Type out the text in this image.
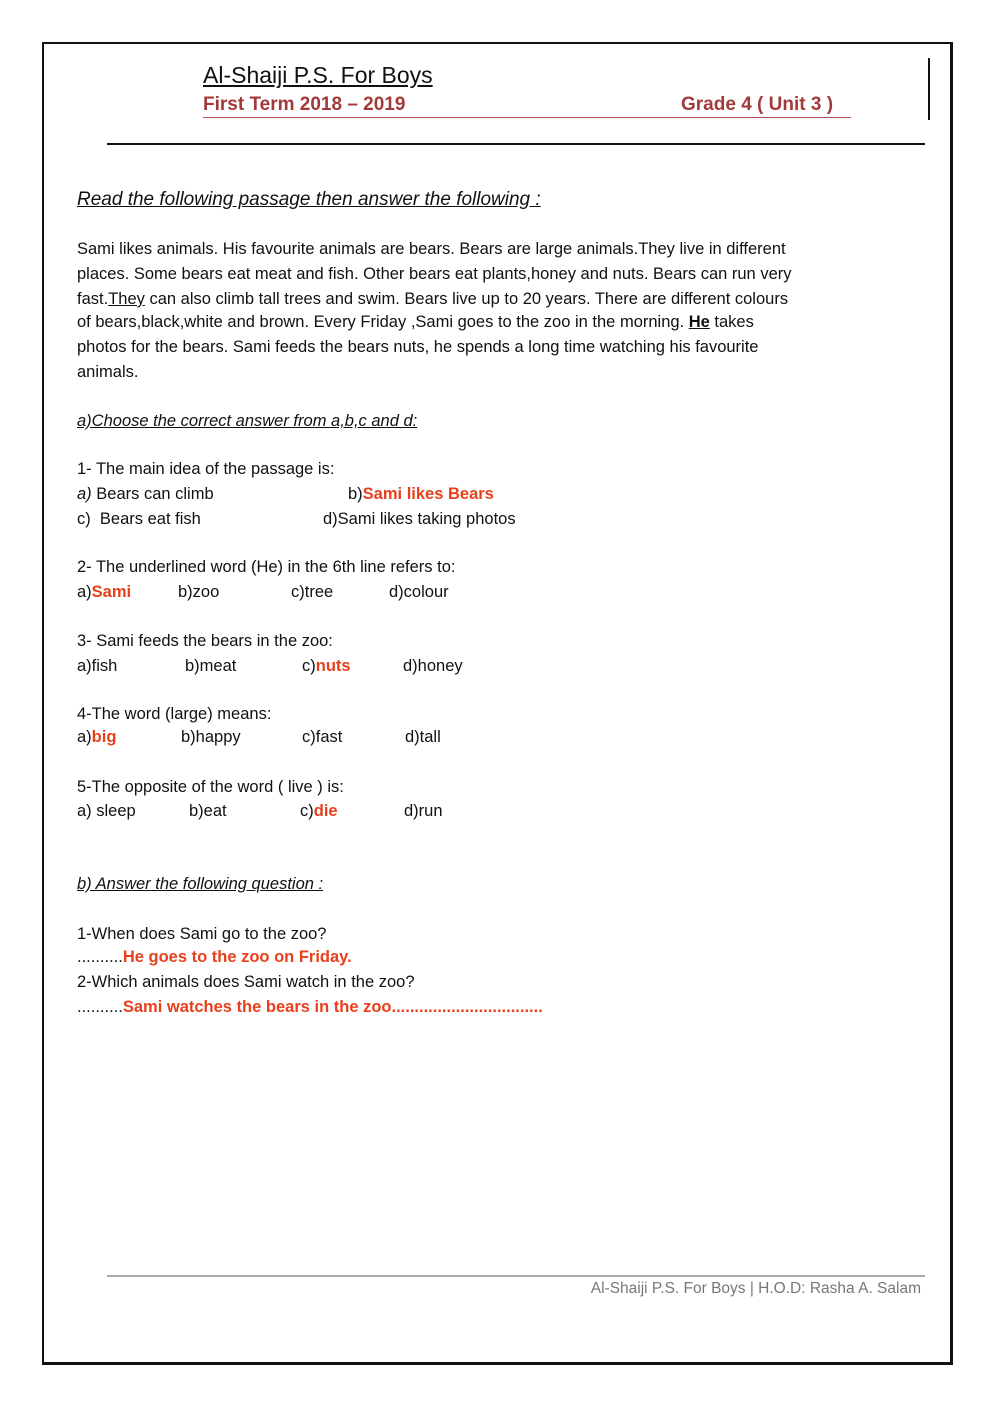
Al-Shaiji P.S. For Boys
First Term 2018 – 2019	Grade 4 ( Unit 3 )
Read the following passage then answer the following :
Sami likes animals. His favourite animals are bears. Bears are large animals.They live in different
places. Some bears eat meat and fish. Other bears eat plants,honey and nuts. Bears can run very
fast.They can also climb tall trees and swim. Bears live up to 20 years. There are different colours
of bears,black,white and brown. Every Friday ,Sami goes to the zoo in the morning. He takes
photos for the bears. Sami feeds the bears nuts, he spends a long time watching his favourite
animals.
a)Choose the correct answer from a,b,c and d:
1- The main idea of the passage is:
a) Bears can climb	b)Sami likes Bears
c)  Bears eat fish	d)Sami likes taking photos
2- The underlined word (He) in the 6th line refers to:
a)Sami	b)zoo	c)tree	d)colour
3- Sami feeds the bears in the zoo:
a)fish	b)meat	c)nuts	d)honey
4-The word (large) means:
a)big	b)happy	c)fast	d)tall
5-The opposite of the word ( live ) is:
a) sleep	b)eat	c)die	d)run
b) Answer the following question :
1-When does Sami go to the zoo?
..........He goes to the zoo on Friday.
2-Which animals does Sami watch in the zoo?
..........Sami watches the bears in the zoo.................................
Al-Shaiji P.S. For Boys | H.O.D: Rasha A. Salam
